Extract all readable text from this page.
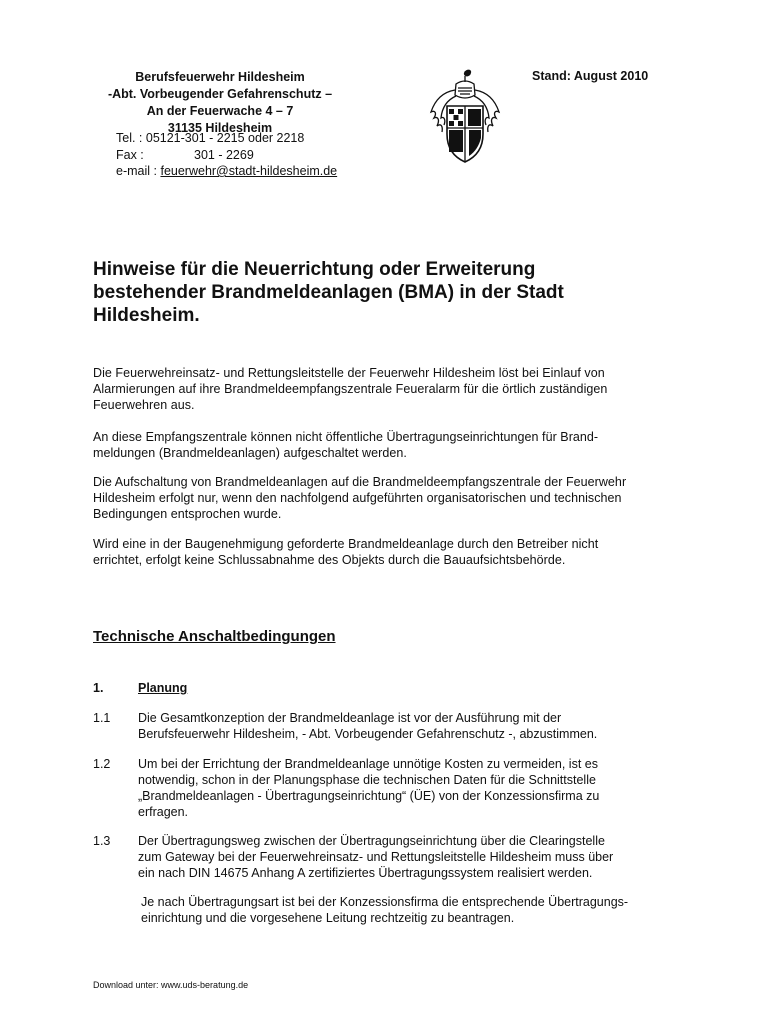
Berufsfeuerwehr Hildesheim
-Abt. Vorbeugender Gefahrenschutz –
An der Feuerwache 4 – 7
31135 Hildesheim
Tel. : 05121-301 - 2215 oder 2218
Fax :	301 - 2269
e-mail : feuerwehr@stadt-hildesheim.de
Stand: August 2010
Hinweise für die Neuerrichtung oder Erweiterung
bestehender Brandmeldeanlagen (BMA) in der Stadt
Hildesheim.
Die Feuerwehreinsatz- und Rettungsleitstelle der Feuerwehr Hildesheim löst bei Einlauf von
Alarmierungen auf ihre Brandmeldeempfangszentrale Feueralarm für die örtlich zuständigen
Feuerwehren aus.
An diese Empfangszentrale können nicht öffentliche Übertragungseinrichtungen für Brand-
meldungen (Brandmeldeanlagen) aufgeschaltet werden.
Die Aufschaltung von Brandmeldeanlagen auf die Brandmeldeempfangszentrale der Feuerwehr
Hildesheim erfolgt nur, wenn den nachfolgend aufgeführten organisatorischen und technischen
Bedingungen entsprochen wurde.
Wird eine in der Baugenehmigung geforderte Brandmeldeanlage durch den Betreiber nicht
errichtet, erfolgt keine Schlussabnahme des Objekts durch die Bauaufsichtsbehörde.
Technische Anschaltbedingungen
1.	Planung
1.1 Die Gesamtkonzeption der Brandmeldeanlage ist vor der Ausführung mit der
Berufsfeuerwehr Hildesheim, - Abt. Vorbeugender Gefahrenschutz -, abzustimmen.
1.2 Um bei der Errichtung der Brandmeldeanlage unnötige Kosten zu vermeiden, ist es
notwendig, schon in der Planungsphase die technischen Daten für die Schnittstelle
„Brandmeldeanlagen - Übertragungseinrichtung“ (ÜE) von der Konzessionsfirma zu
erfragen.
1.3 Der Übertragungsweg zwischen der Übertragungseinrichtung über die Clearingstelle
zum Gateway bei der Feuerwehreinsatz- und Rettungsleitstelle Hildesheim muss über
ein nach DIN 14675 Anhang A zertifiziertes Übertragungssystem realisiert werden.
Je nach Übertragungsart ist bei der Konzessionsfirma die entsprechende Übertragungs-
einrichtung und die vorgesehene Leitung rechtzeitig zu beantragen.
Download unter: www.uds-beratung.de
